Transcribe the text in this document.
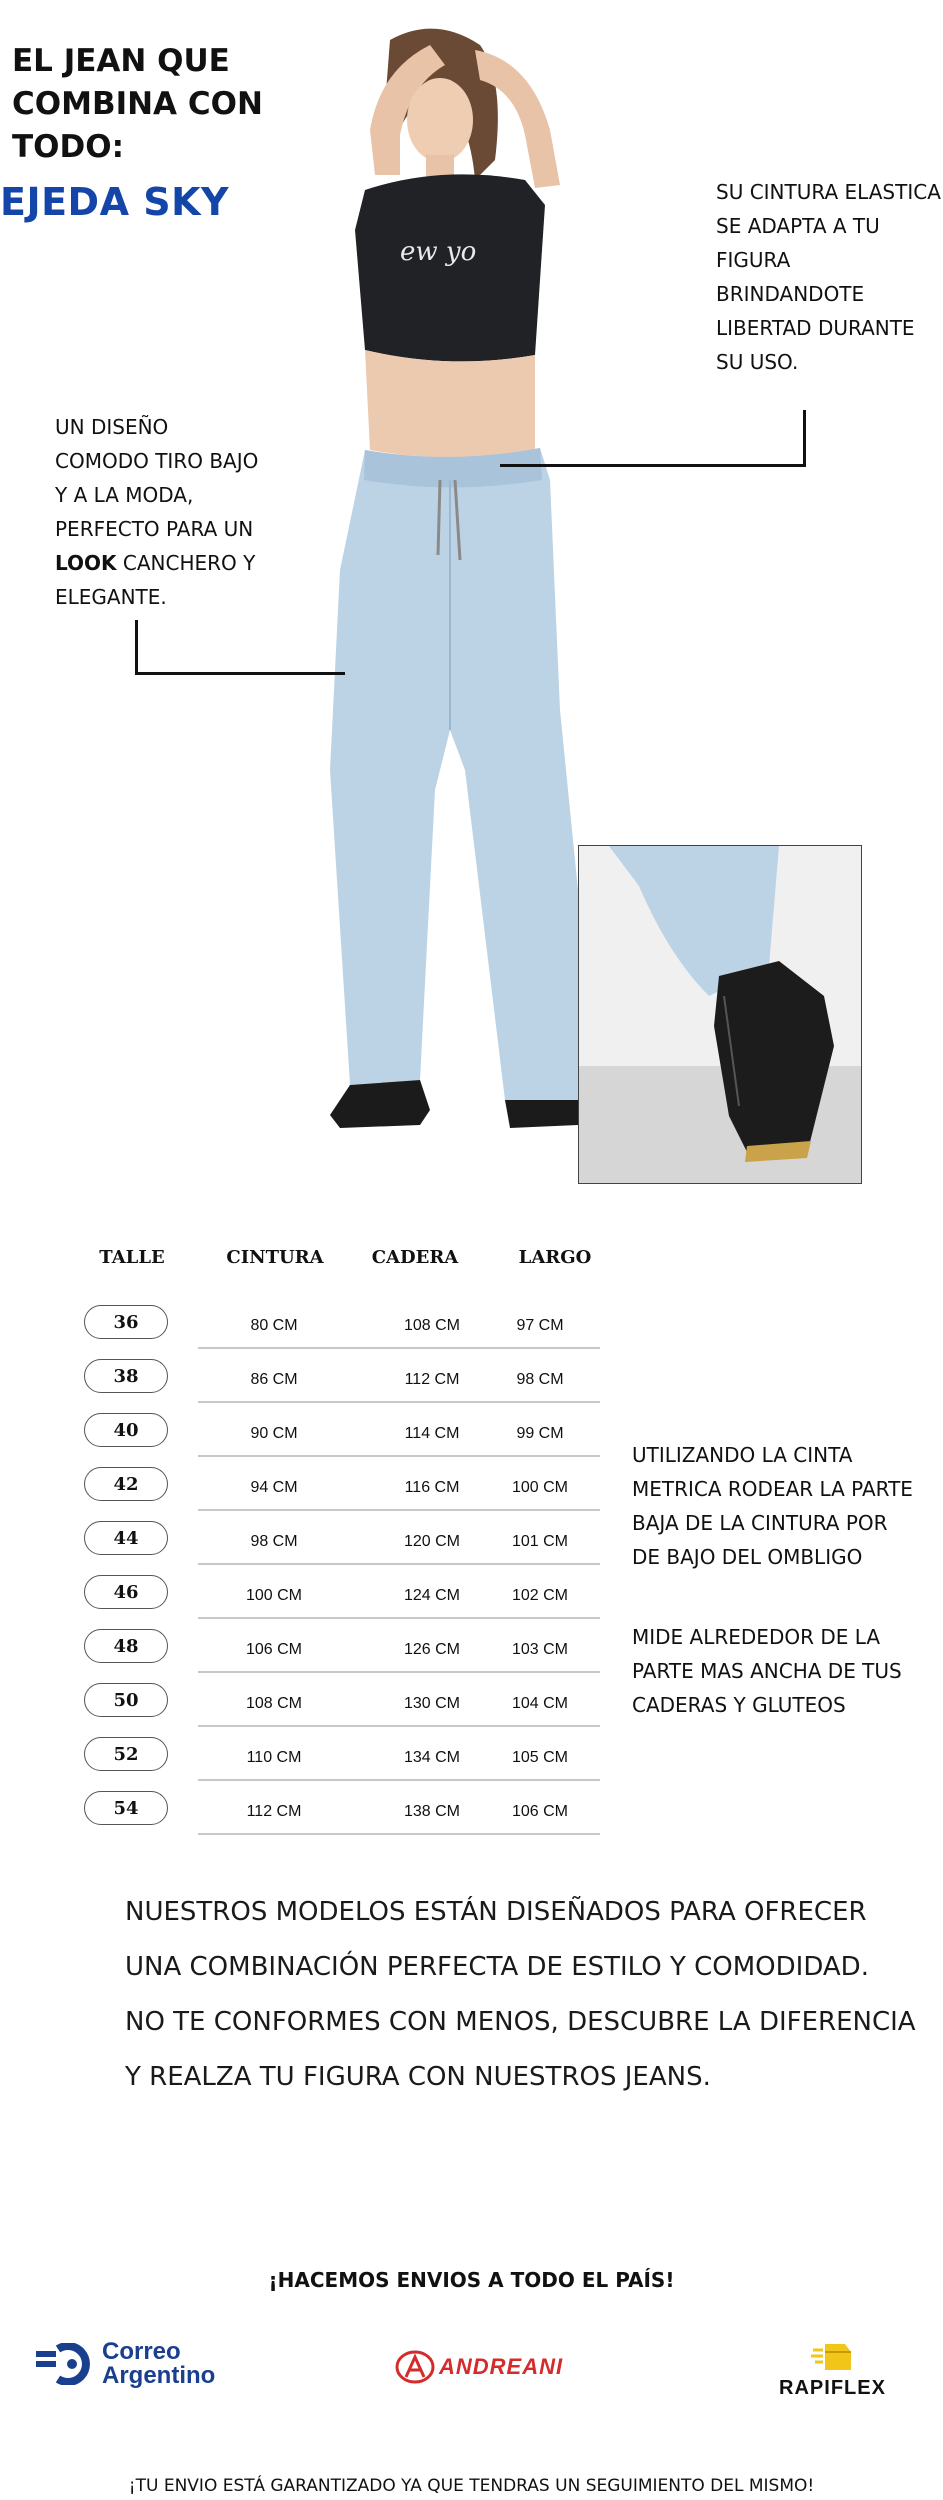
EL JEAN QUE
COMBINA CON
TODO:
EJEDA SKY
ew yo
SU CINTURA ELASTICA
SE ADAPTA A TU
FIGURA
BRINDANDOTE
LIBERTAD DURANTE
SU USO.
UN DISEÑO
COMODO TIRO BAJO
Y A LA MODA,
PERFECTO PARA UN
LOOK CANCHERO Y
ELEGANTE.
TALLE	CINTURA	CADERA	LARGO
36	80 CM	108 CM	97 CM
38	86 CM	112 CM	98 CM
40	90 CM	114 CM	99 CM
42	94 CM	116 CM	100 CM
44	98 CM	120 CM	101 CM
46	100 CM	124 CM	102 CM
48	106 CM	126 CM	103 CM
50	108 CM	130 CM	104 CM
52	110 CM	134 CM	105 CM
54	112 CM	138 CM	106 CM
UTILIZANDO LA CINTA
METRICA RODEAR LA PARTE
BAJA DE LA CINTURA POR
DE BAJO DEL OMBLIGO
MIDE ALREDEDOR DE LA
PARTE MAS ANCHA DE TUS
CADERAS Y GLUTEOS
NUESTROS MODELOS ESTÁN DISEÑADOS PARA OFRECER
UNA COMBINACIÓN PERFECTA DE ESTILO Y COMODIDAD.
NO TE CONFORMES CON MENOS, DESCUBRE LA DIFERENCIA
Y REALZA TU FIGURA CON NUESTROS JEANS.
¡HACEMOS ENVIOS A TODO EL PAÍS!
Correo
Argentino	ANDREANI
RAPIFLEX
¡TU ENVIO ESTÁ GARANTIZADO YA QUE TENDRAS UN SEGUIMIENTO DEL MISMO!
